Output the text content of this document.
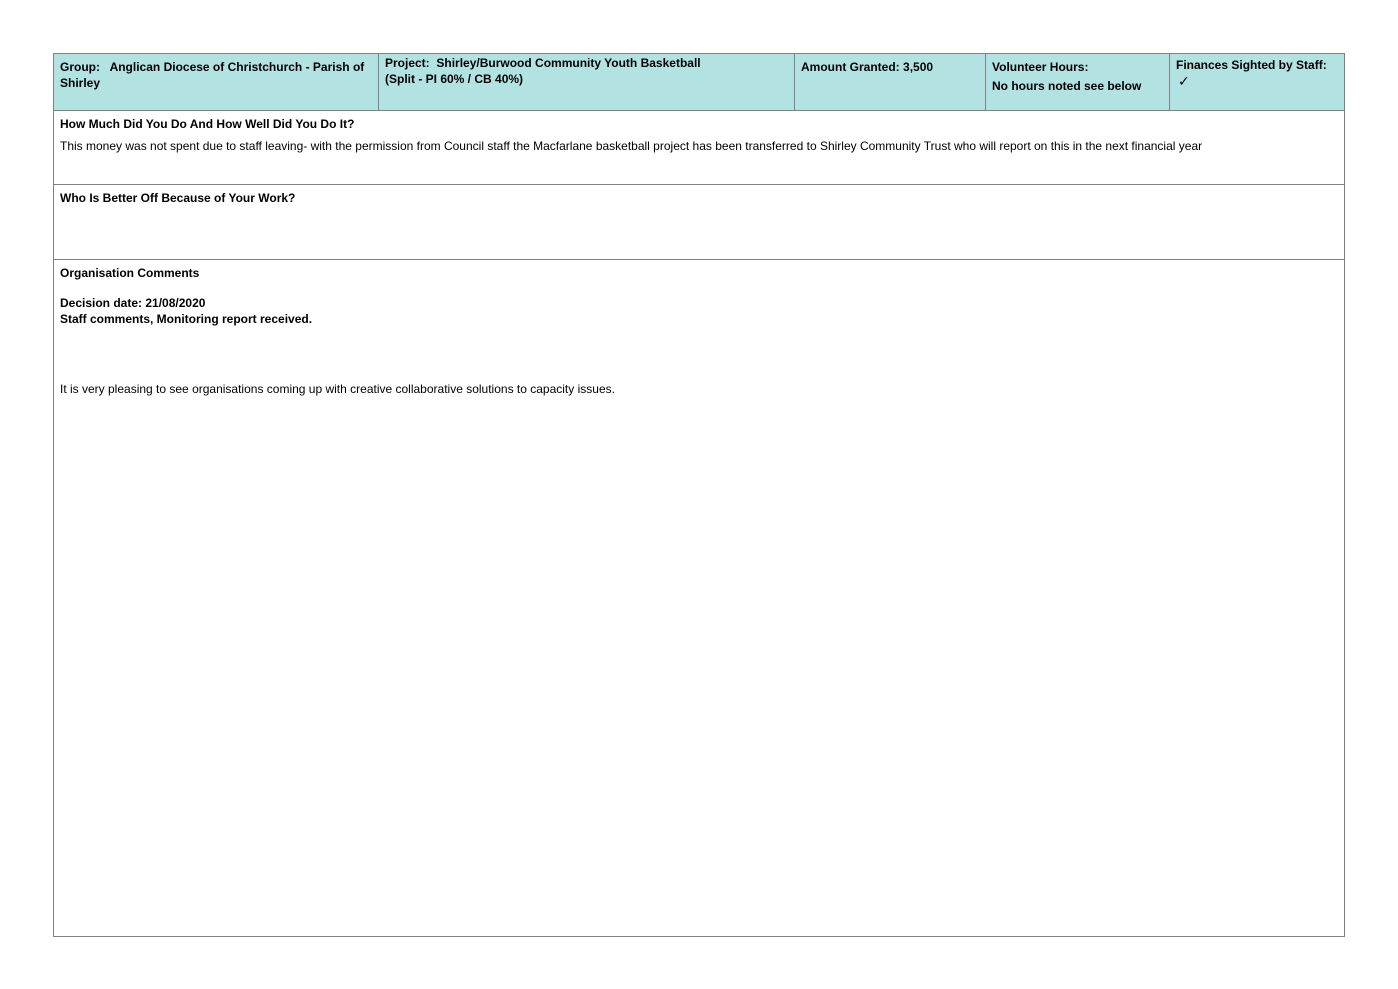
Group: Anglican Diocese of Christchurch - Parish of Shirley
Project: Shirley/Burwood Community Youth Basketball
(Split - PI 60% / CB 40%)
Amount Granted: 3,500	Volunteer Hours:
No hours noted see below
Finances Sighted by Staff: ✓
How Much Did You Do And How Well Did You Do It?
This money was not spent due to staff leaving- with the permission from Council staff the Macfarlane basketball project has been transferred to Shirley Community Trust who will report on this in the next financial year
Who Is Better Off Because of Your Work?
Organisation Comments
Decision date: 21/08/2020
Staff comments, Monitoring report received.
It is very pleasing to see organisations coming up with creative collaborative solutions to capacity issues.
